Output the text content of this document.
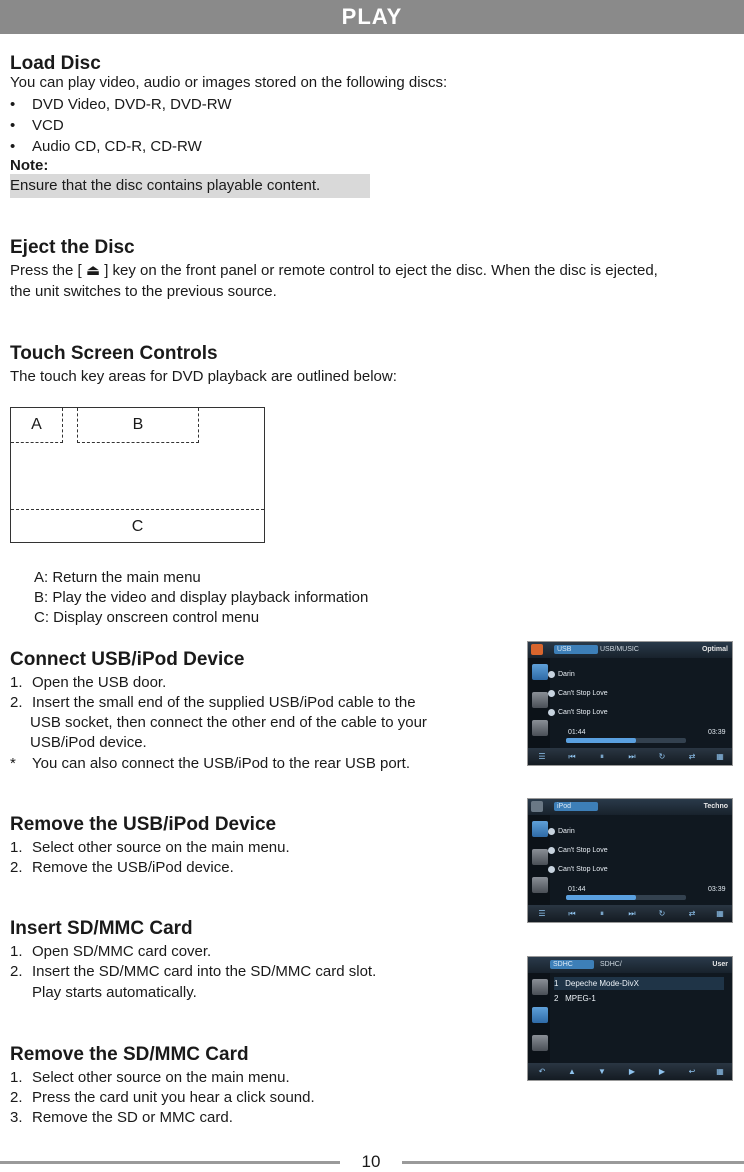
PLAY
Load Disc
You can play video, audio or images stored on the following discs:
• DVD Video, DVD-R, DVD-RW
• VCD
• Audio CD, CD-R, CD-RW
Note:
Ensure that the disc contains playable content.
Eject the Disc
Press the [ ⏏ ] key on the front panel or remote control to eject the disc. When the disc is ejected,
the unit switches to the previous source.
Touch Screen Controls
The touch key areas for DVD playback are outlined below:
A	B
C
A: Return the main menu
B: Play the video and display playback information
C: Display onscreen control menu
Connect USB/iPod Device
1. Open the USB door.
2. Insert the small end of the supplied USB/iPod cable to the
USB socket, then connect the other end of the cable to your
USB/iPod device.
* You can also connect the USB/iPod to the rear USB port.
Remove the USB/iPod Device
1. Select other source on the main menu.
2. Remove the USB/iPod device.
Insert SD/MMC Card
1. Open SD/MMC card cover.
2. Insert the SD/MMC card into the SD/MMC card slot.
Play starts automatically.
Remove the SD/MMC Card
1. Select other source on the main menu.
2. Press the card unit you hear a click sound.
3. Remove the SD or MMC card.
USB	USB/MUSIC	Optimal
Darin
Can't Stop Love
Can't Stop Love
01:44	03:39
☰	⏮	⏸	⏭	↻	⇄	▦
iPod	Techno
Darin
Can't Stop Love
Can't Stop Love
01:44	03:39
☰	⏮	⏸	⏭	↻	⇄	▦
SDHC	SDHC/	User
1 Depeche Mode-DivX
2 MPEG-1
↶	▲	▼	▶	▶	↩	▦
10
